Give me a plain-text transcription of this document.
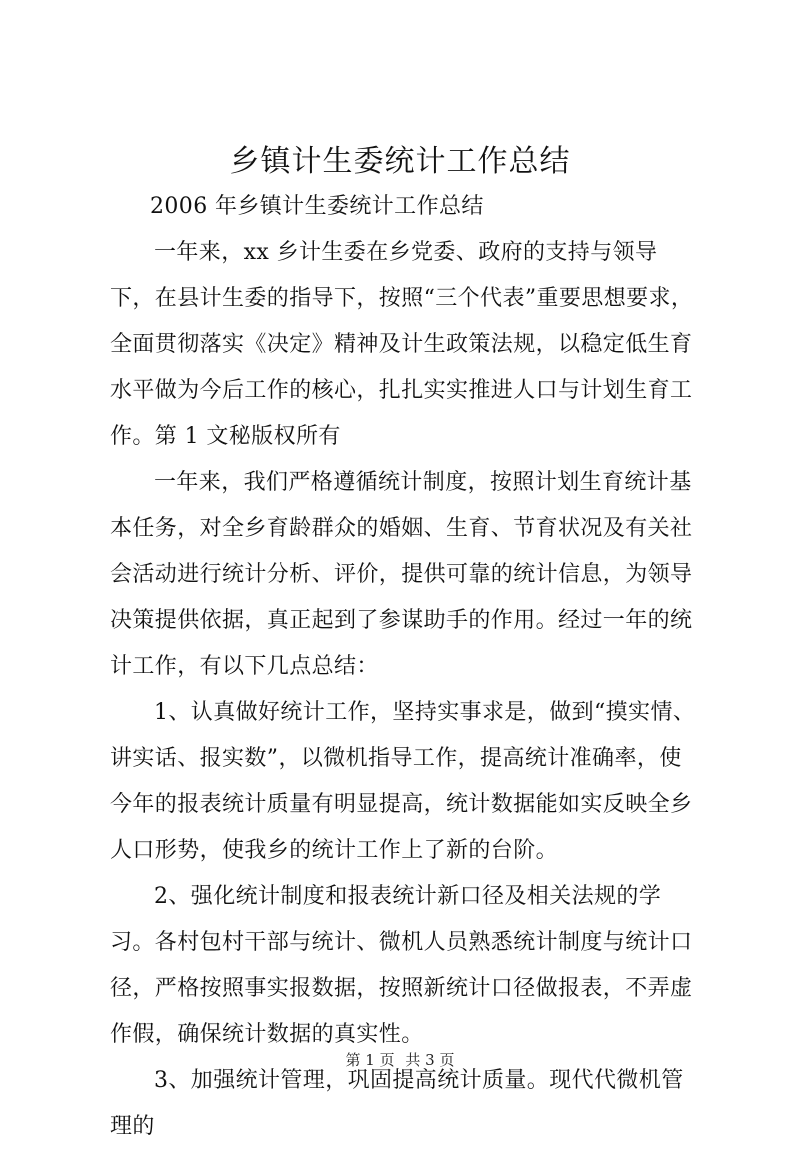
乡镇计生委统计工作总结

2006 年乡镇计生委统计工作总结

一年来，xx 乡计生委在乡党委、政府的支持与领导下，在县计生委的指导下，按照“三个代表”重要思想要求，全面贯彻落实《决定》精神及计生政策法规，以稳定低生育水平做为今后工作的核心，扎扎实实推进人口与计划生育工作。第 1 文秘版权所有

一年来，我们严格遵循统计制度，按照计划生育统计基本任务，对全乡育龄群众的婚姻、生育、节育状况及有关社会活动进行统计分析、评价，提供可靠的统计信息，为领导决策提供依据，真正起到了参谋助手的作用。经过一年的统计工作，有以下几点总结：

1、认真做好统计工作，坚持实事求是，做到“摸实情、讲实话、报实数”，以微机指导工作，提高统计准确率，使今年的报表统计质量有明显提高，统计数据能如实反映全乡人口形势，使我乡的统计工作上了新的台阶。

2、强化统计制度和报表统计新口径及相关法规的学习。各村包村干部与统计、微机人员熟悉统计制度与统计口径，严格按照事实报数据，按照新统计口径做报表，不弄虚作假，确保统计数据的真实性。

3、加强统计管理，巩固提高统计质量。现代代微机管理的

第 1 页 共 3 页
